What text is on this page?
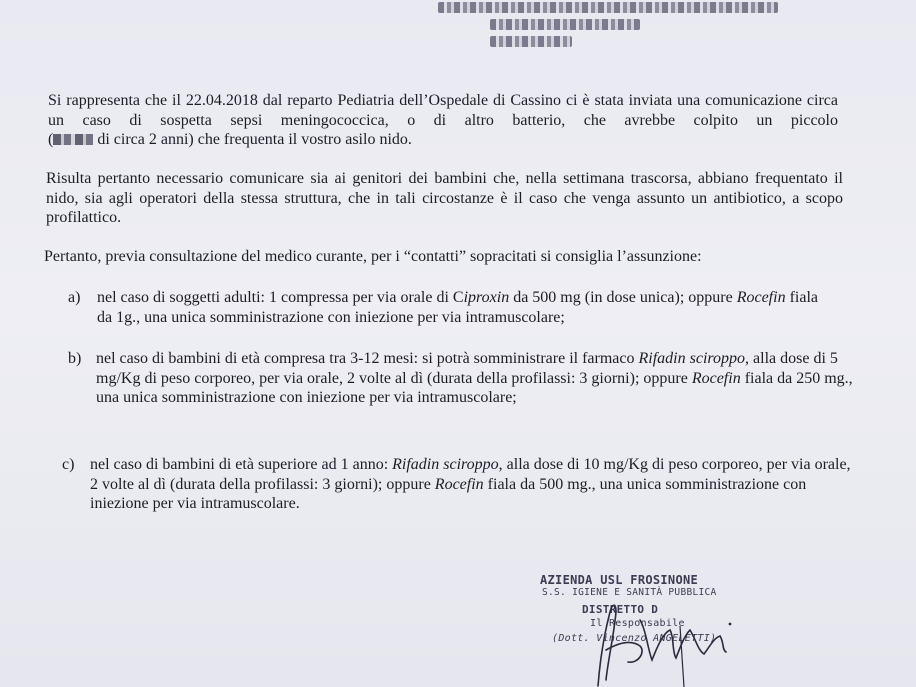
Si rappresenta che il 22.04.2018 dal reparto Pediatria dell’Ospedale di Cassino ci è stata inviata una comunicazione circa un caso di sospetta sepsi meningococcica, o di altro batterio, che avrebbe colpito un piccolo

(	di circa 2 anni) che frequenta il vostro asilo nido.

Risulta pertanto necessario comunicare sia ai genitori dei bambini che, nella settimana trascorsa, abbiano frequentato il nido, sia agli operatori della stessa struttura, che in tali circostanze è il caso che venga assunto un antibiotico, a scopo profilattico.

Pertanto, previa consultazione del medico curante, per i “contatti” sopracitati si consiglia l’assunzione:

a) nel caso di soggetti adulti: 1 compressa per via orale di Ciproxin da 500 mg (in dose unica); oppure Rocefin fiala da 1g., una unica somministrazione con iniezione per via intramuscolare;
b) nel caso di bambini di età compresa tra 3-12 mesi: si potrà somministrare il farmaco Rifadin sciroppo, alla dose di 5 mg/Kg di peso corporeo, per via orale, 2 volte al dì (durata della profilassi: 3 giorni); oppure Rocefin fiala da 250 mg., una unica somministrazione con iniezione per via intramuscolare;
c) nel caso di bambini di età superiore ad 1 anno: Rifadin sciroppo, alla dose di 10 mg/Kg di peso corporeo, per via orale, 2 volte al dì (durata della profilassi: 3 giorni); oppure Rocefin fiala da 500 mg., una unica somministrazione con iniezione per via intramuscolare.
AZIENDA USL FROSINONE
S.S. IGIENE E SANITÀ PUBBLICA
DISTRETTO D
Il Responsabile
(Dott. Vincenzo ANGELETTI)
